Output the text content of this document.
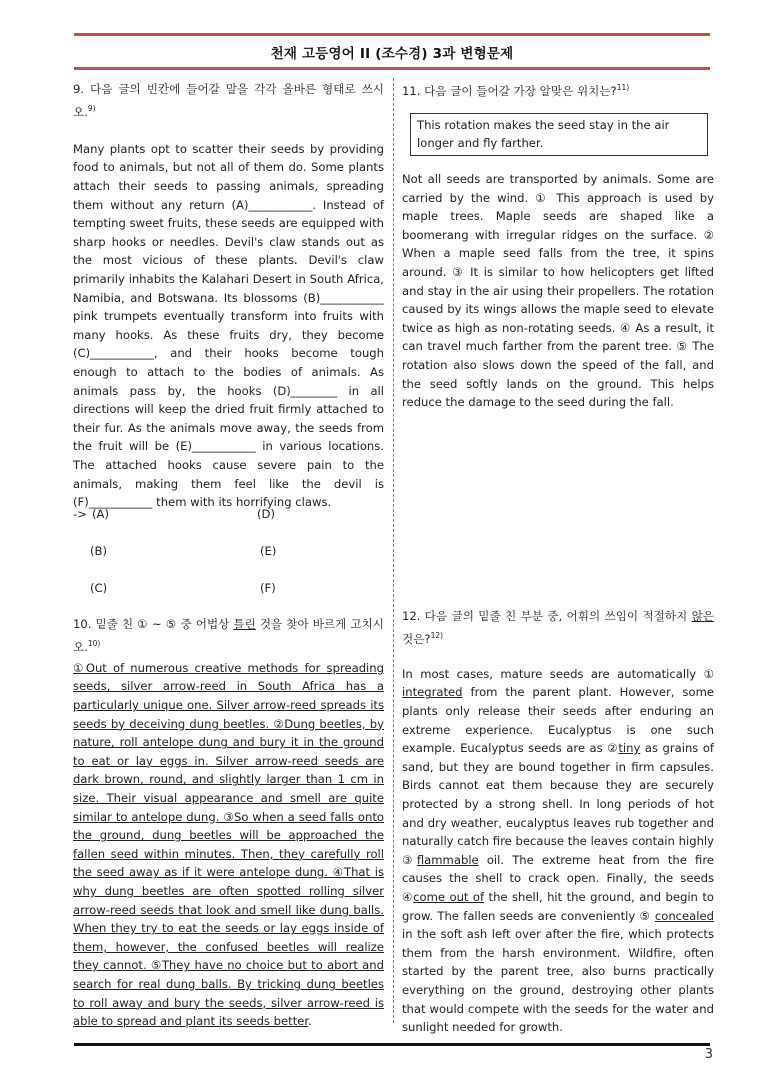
천재 고등영어 II (조수경) 3과 변형문제
9. 다음 글의 빈칸에 들어갈 말을 각각 올바른 형태로 쓰시오.$^{9)}$

Many plants opt to scatter their seeds by providing food to animals, but not all of them do. Some plants attach their seeds to passing animals, spreading them without any return (A)___________. Instead of tempting sweet fruits, these seeds are equipped with sharp hooks or needles. Devil's claw stands out as the most vicious of these plants. Devil's claw primarily inhabits the Kalahari Desert in South Africa, Namibia, and Botswana. Its blossoms (B)___________ pink trumpets eventually transform into fruits with many hooks. As these fruits dry, they become (C)___________, and their hooks become tough enough to attach to the bodies of animals. As animals pass by, the hooks (D)________ in all directions will keep the dried fruit firmly attached to their fur. As the animals move away, the seeds from the fruit will be (E)___________ in various locations. The attached hooks cause severe pain to the animals, making them feel like the devil is (F)___________ them with its horrifying claws.

-> (A)	(D)
(B)	(E)
(C)	(F)
10. 밑줄 친 ① ~ ⑤ 중 어법상 틀린 것을 찾아 바르게 고치시오.$^{10)}$

①Out of numerous creative methods for spreading seeds, silver arrow-reed in South Africa has a particularly unique one. Silver arrow-reed spreads its seeds by deceiving dung beetles. ②Dung beetles, by nature, roll antelope dung and bury it in the ground to eat or lay eggs in. Silver arrow-reed seeds are dark brown, round, and slightly larger than 1 cm in size. Their visual appearance and smell are quite similar to antelope dung. ③So when a seed falls onto the ground, dung beetles will be approached the fallen seed within minutes. Then, they carefully roll the seed away as if it were antelope dung. ④That is why dung beetles are often spotted rolling silver arrow-reed seeds that look and smell like dung balls. When they try to eat the seeds or lay eggs inside of them, however, the confused beetles will realize they cannot. ⑤They have no choice but to abort and search for real dung balls. By tricking dung beetles to roll away and bury the seeds, silver arrow-reed is able to spread and plant its seeds better.

11. 다음 글이 들어갈 가장 알맞은 위치는?$^{11)}$
This rotation makes the seed stay in the air longer and fly farther.

Not all seeds are transported by animals. Some are carried by the wind. ① This approach is used by maple trees. Maple seeds are shaped like a boomerang with irregular ridges on the surface. ② When a maple seed falls from the tree, it spins around. ③ It is similar to how helicopters get lifted and stay in the air using their propellers. The rotation caused by its wings allows the maple seed to elevate twice as high as non-rotating seeds. ④ As a result, it can travel much farther from the parent tree. ⑤ The rotation also slows down the speed of the fall, and the seed softly lands on the ground. This helps reduce the damage to the seed during the fall.

12. 다음 글의 밑줄 친 부분 중, 어휘의 쓰임이 적절하지 않은 것은?$^{12)}$

In most cases, mature seeds are automatically ① integrated from the parent plant. However, some plants only release their seeds after enduring an extreme experience. Eucalyptus is one such example. Eucalyptus seeds are as ②tiny as grains of sand, but they are bound together in firm capsules. Birds cannot eat them because they are securely protected by a strong shell. In long periods of hot and dry weather, eucalyptus leaves rub together and naturally catch fire because the leaves contain highly ③flammable oil. The extreme heat from the fire causes the shell to crack open. Finally, the seeds ④come out of the shell, hit the ground, and begin to grow. The fallen seeds are conveniently ⑤ concealed in the soft ash left over after the fire, which protects them from the harsh environment. Wildfire, often started by the parent tree, also burns practically everything on the ground, destroying other plants that would compete with the seeds for the water and sunlight needed for growth.

3
